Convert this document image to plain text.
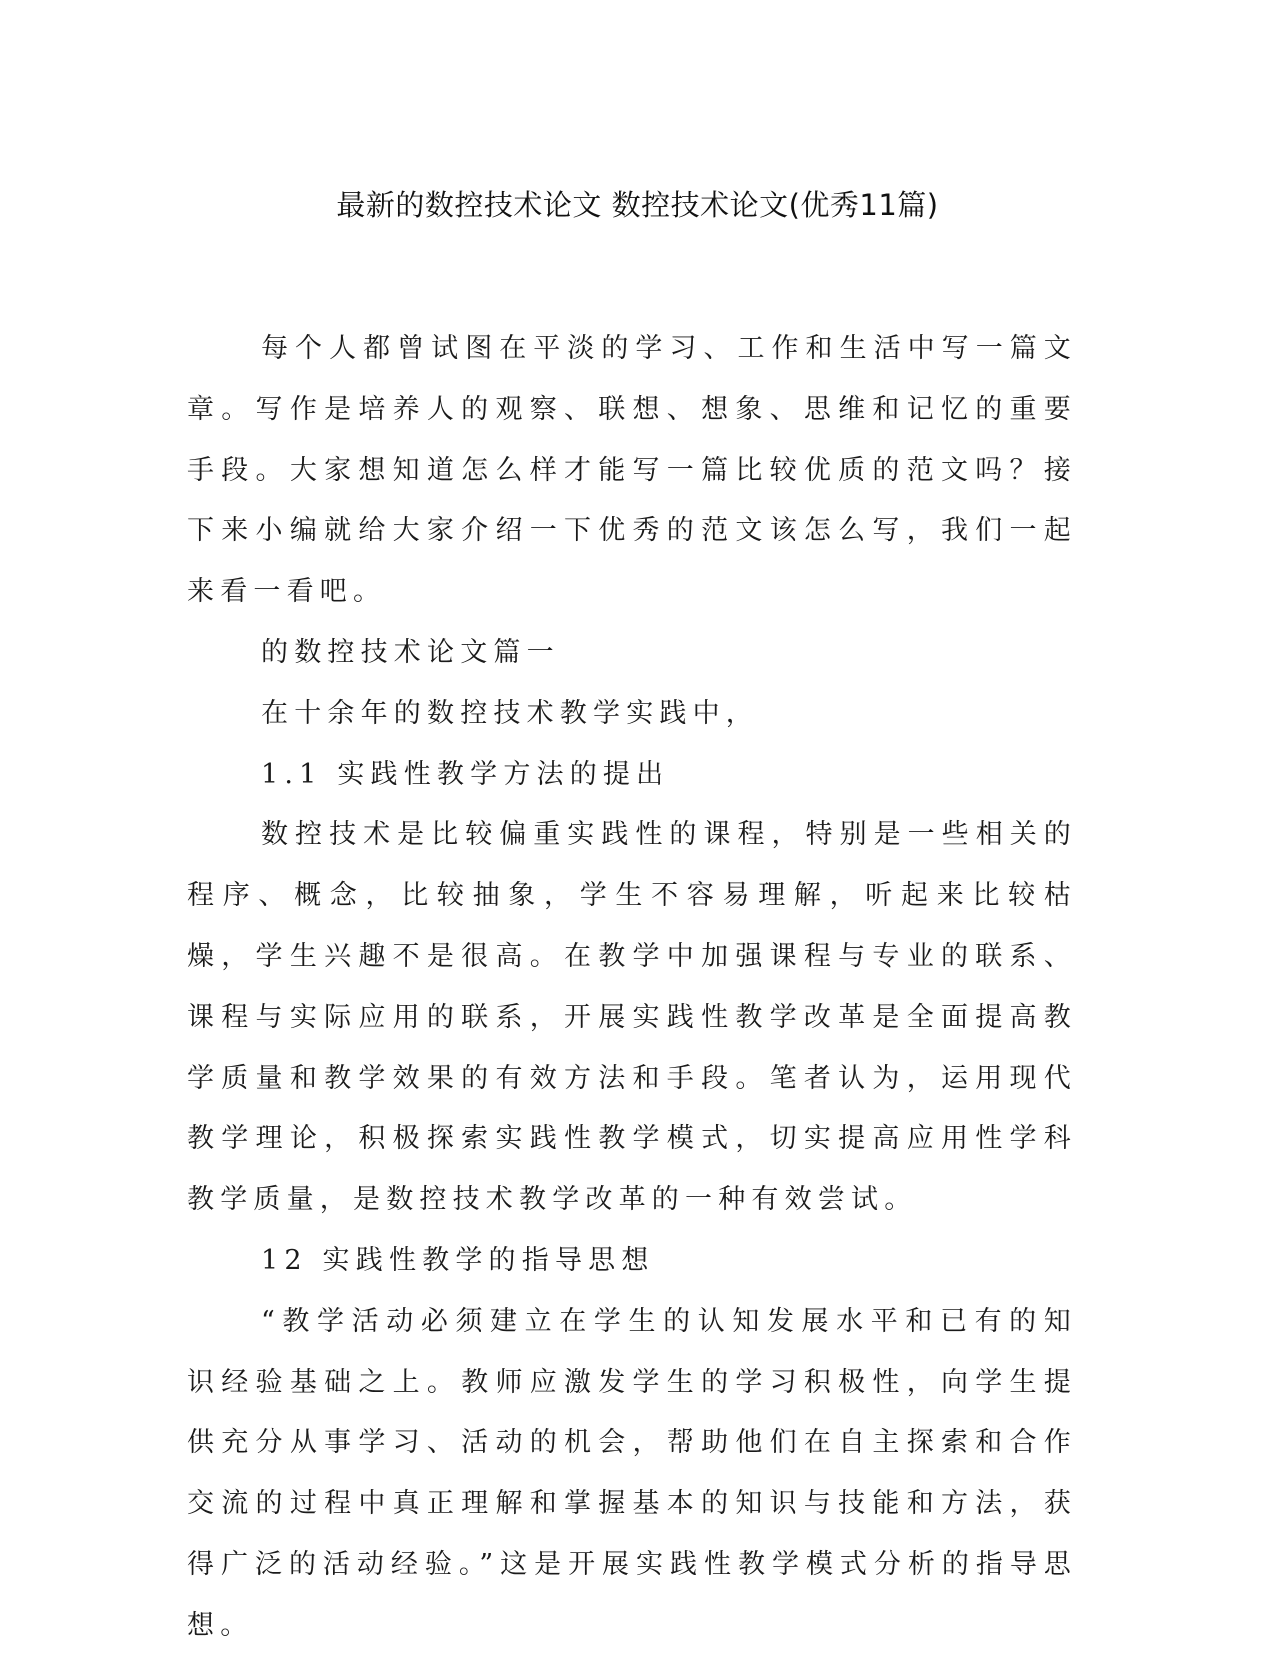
最新的数控技术论文 数控技术论文(优秀11篇)

每个人都曾试图在平淡的学习、工作和生活中写一篇文章。写作是培养人的观察、联想、想象、思维和记忆的重要手段。大家想知道怎么样才能写一篇比较优质的范文吗？接下来小编就给大家介绍一下优秀的范文该怎么写，我们一起来看一看吧。

的数控技术论文篇一

在十余年的数控技术教学实践中，

1.1 实践性教学方法的提出

数控技术是比较偏重实践性的课程，特别是一些相关的程序、概念，比较抽象，学生不容易理解，听起来比较枯燥，学生兴趣不是很高。在教学中加强课程与专业的联系、课程与实际应用的联系，开展实践性教学改革是全面提高教学质量和教学效果的有效方法和手段。笔者认为，运用现代教学理论，积极探索实践性教学模式，切实提高应用性学科教学质量，是数控技术教学改革的一种有效尝试。

12 实践性教学的指导思想

“教学活动必须建立在学生的认知发展水平和已有的知识经验基础之上。教师应激发学生的学习积极性，向学生提供充分从事学习、活动的机会，帮助他们在自主探索和合作交流的过程中真正理解和掌握基本的知识与技能和方法，获得广泛的活动经验。”这是开展实践性教学模式分析的指导思想。
